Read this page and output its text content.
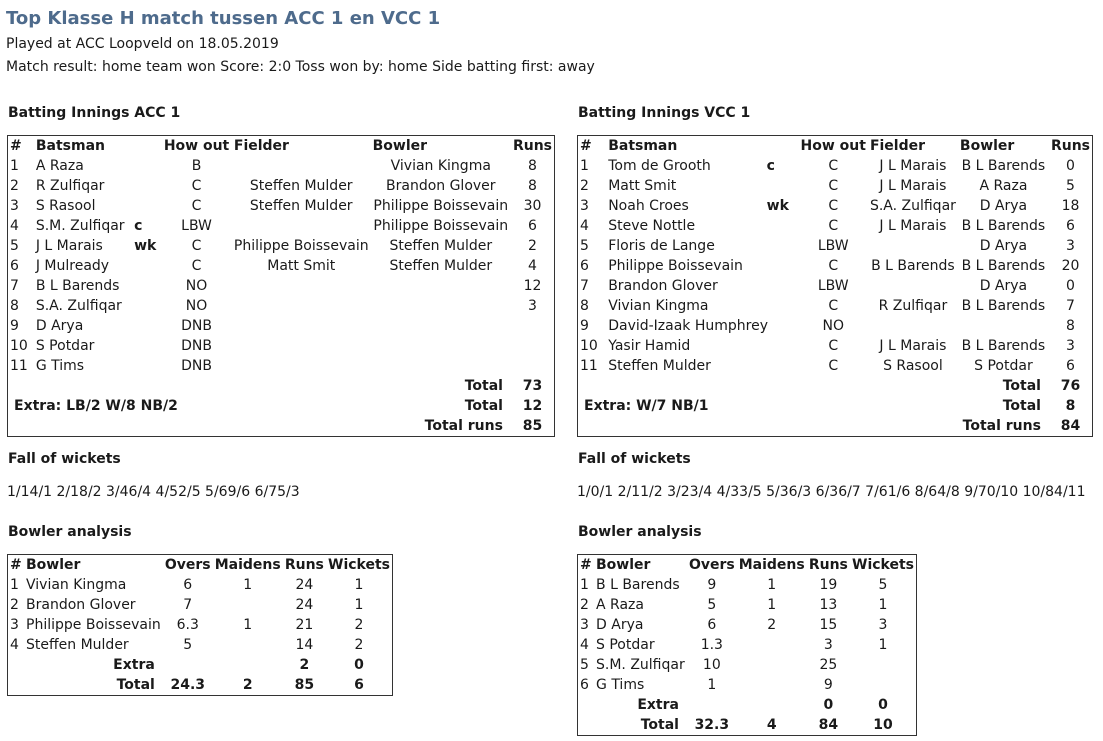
Top Klasse H match tussen ACC 1 en VCC 1
Played at ACC Loopveld on 18.05.2019
Match result: home team won Score: 2:0 Toss won by: home Side batting first: away
Batting Innings ACC 1
#	Batsman		How out	Fielder	Bowler	Runs
1	A Raza		B		Vivian Kingma	8
2	R Zulfiqar		C	Steffen Mulder	Brandon Glover	8
3	S Rasool		C	Steffen Mulder	Philippe Boissevain	30
4	S.M. Zulfiqar	c	LBW		Philippe Boissevain	6
5	J L Marais	wk	C	Philippe Boissevain	Steffen Mulder	2
6	J Mulready		C	Matt Smit	Steffen Mulder	4
7	B L Barends		NO			12
8	S.A. Zulfiqar		NO			3
9	D Arya		DNB			
10	S Potdar		DNB			
11	G Tims		DNB			
Total						73
Extra: LB/2 W/8 NB/2				Total		12
Total runs						85
Fall of wickets
1/14/1 2/18/2 3/46/4 4/52/5 5/69/6 6/75/3
Bowler analysis
#	Bowler	Overs	Maidens	Runs	Wickets
1	Vivian Kingma	6	1	24	1
2	Brandon Glover	7		24	1
3	Philippe Boissevain	6.3	1	21	2
4	Steffen Mulder	5		14	2
Extra				2	0
Total		24.3	2	85	6
Batting Innings VCC 1
#	Batsman		How out	Fielder	Bowler	Runs
1	Tom de Grooth	c	C	J L Marais	B L Barends	0
2	Matt Smit		C	J L Marais	A Raza	5
3	Noah Croes	wk	C	S.A. Zulfiqar	D Arya	18
4	Steve Nottle		C	J L Marais	B L Barends	6
5	Floris de Lange		LBW		D Arya	3
6	Philippe Boissevain		C	B L Barends	B L Barends	20
7	Brandon Glover		LBW		D Arya	0
8	Vivian Kingma		C	R Zulfiqar	B L Barends	7
9	David-Izaak Humphrey		NO			8
10	Yasir Hamid		C	J L Marais	B L Barends	3
11	Steffen Mulder		C	S Rasool	S Potdar	6
Total						76
Extra: W/7 NB/1				Total		8
Total runs						84
Fall of wickets
1/0/1 2/11/2 3/23/4 4/33/5 5/36/3 6/36/7 7/61/6 8/64/8 9/70/10 10/84/11
Bowler analysis
#	Bowler	Overs	Maidens	Runs	Wickets
1	B L Barends	9	1	19	5
2	A Raza	5	1	13	1
3	D Arya	6	2	15	3
4	S Potdar	1.3		3	1
5	S.M. Zulfiqar	10		25	
6	G Tims	1		9	
Extra				0	0
Total		32.3	4	84	10
